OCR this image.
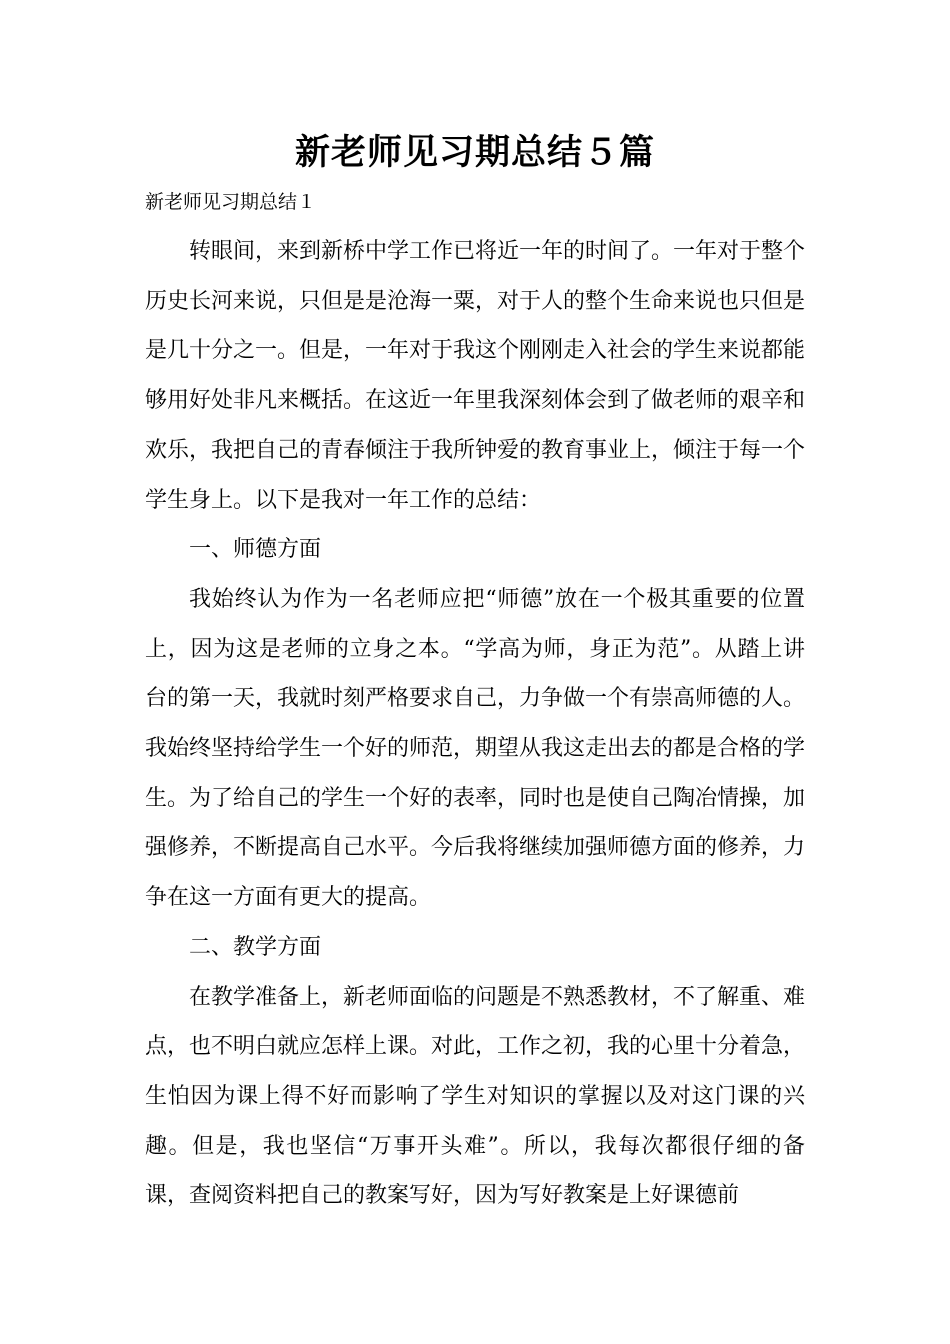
新老师见习期总结５篇
新老师见习期总结１

转眼间，来到新桥中学工作已将近一年的时间了。一年对于整个历史长河来说，只但是是沧海一粟，对于人的整个生命来说也只但是是几十分之一。但是，一年对于我这个刚刚走入社会的学生来说都能够用好处非凡来概括。在这近一年里我深刻体会到了做老师的艰辛和欢乐，我把自己的青春倾注于我所钟爱的教育事业上，倾注于每一个学生身上。以下是我对一年工作的总结：

一、师德方面

我始终认为作为一名老师应把“师德”放在一个极其重要的位置上，因为这是老师的立身之本。“学高为师，身正为范”。从踏上讲台的第一天，我就时刻严格要求自己，力争做一个有崇高师德的人。我始终坚持给学生一个好的师范，期望从我这走出去的都是合格的学生。为了给自己的学生一个好的表率，同时也是使自己陶冶情操，加强修养，不断提高自己水平。今后我将继续加强师德方面的修养，力争在这一方面有更大的提高。

二、教学方面

在教学准备上，新老师面临的问题是不熟悉教材，不了解重、难点，也不明白就应怎样上课。对此，工作之初，我的心里十分着急，生怕因为课上得不好而影响了学生对知识的掌握以及对这门课的兴趣。但是，我也坚信“万事开头难”。所以，我每次都很仔细的备课，查阅资料把自己的教案写好，因为写好教案是上好课德前
